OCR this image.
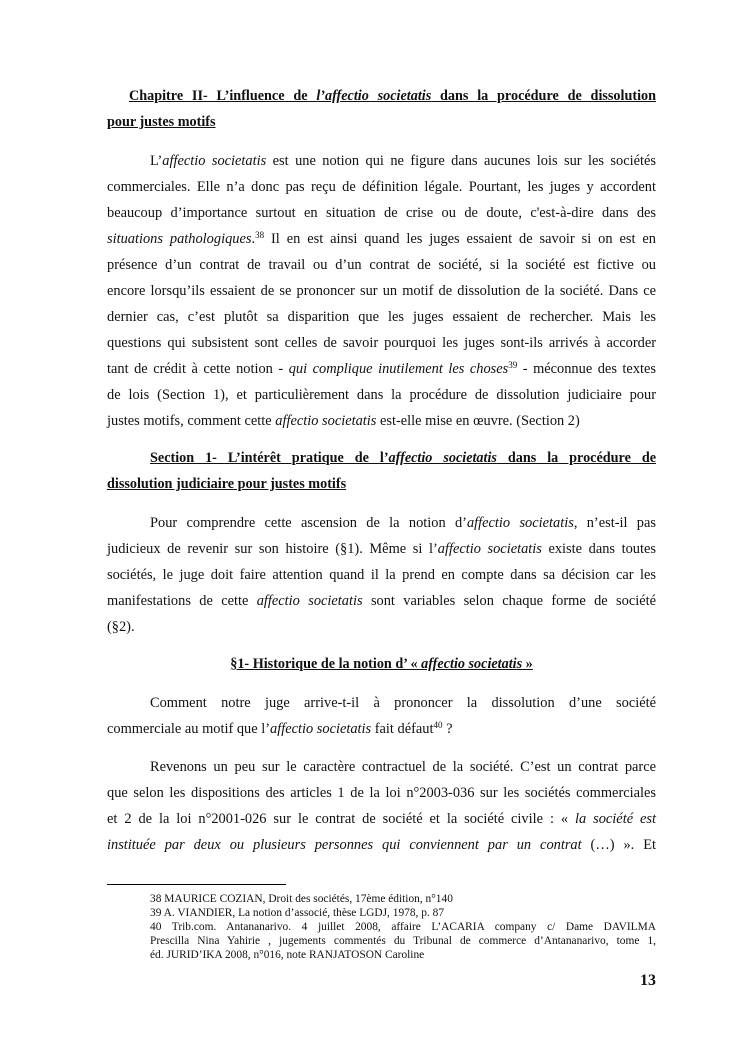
Chapitre II- L’influence de l’affectio societatis dans la procédure de dissolution
pour justes motifs
L’affectio societatis est une notion qui ne figure dans aucunes lois sur les sociétés
commerciales. Elle n’a donc pas reçu de définition légale. Pourtant, les juges y accordent
beaucoup d’importance surtout en situation de crise ou de doute, c'est-à-dire dans des
situations pathologiques.$^{38}$ Il en est ainsi quand les juges essaient de savoir si on est en
présence d’un contrat de travail ou d’un contrat de société, si la société est fictive ou
encore lorsqu’ils essaient de se prononcer sur un motif de dissolution de la société. Dans ce
dernier cas, c’est plutôt sa disparition que les juges essaient de rechercher. Mais les
questions qui subsistent sont celles de savoir pourquoi les juges sont-ils arrivés à accorder
tant de crédit à cette notion - qui complique inutilement les choses$^{39}$ - méconnue des textes
de lois (Section 1), et particulièrement dans la procédure de dissolution judiciaire pour
justes motifs, comment cette affectio societatis est-elle mise en œuvre. (Section 2)
Section 1- L’intérêt pratique de l’affectio societatis dans la procédure de
dissolution judiciaire pour justes motifs
Pour comprendre cette ascension de la notion d’affectio societatis, n’est-il pas
judicieux de revenir sur son histoire (§1). Même si l’affectio societatis existe dans toutes
sociétés, le juge doit faire attention quand il la prend en compte dans sa décision car les
manifestations de cette affectio societatis sont variables selon chaque forme de société
(§2).
§1- Historique de la notion d’ « affectio societatis »
Comment notre juge arrive-t-il à prononcer la dissolution d’une société
commerciale au motif que l’affectio societatis fait défaut$^{40}$ ?
Revenons un peu sur le caractère contractuel de la société. C’est un contrat parce
que selon les dispositions des articles 1 de la loi n°2003-036 sur les sociétés commerciales
et 2 de la loi n°2001-026 sur le contrat de société et la société civile : « la société est
instituée par deux ou plusieurs personnes qui conviennent par un contrat (…) ». Et
38 MAURICE COZIAN, Droit des sociétés, 17ème édition, n°140
39 A. VIANDIER, La notion d’associé, thèse LGDJ, 1978, p. 87
40 Trib.com. Antananarivo. 4 juillet 2008, affaire L’ACARIA company c/ Dame DAVILMA
Prescilla Nina Yahirie , jugements commentés du Tribunal de commerce d’Antananarivo, tome 1,
éd. JURID’IKA 2008, n°016, note RANJATOSON Caroline
13
